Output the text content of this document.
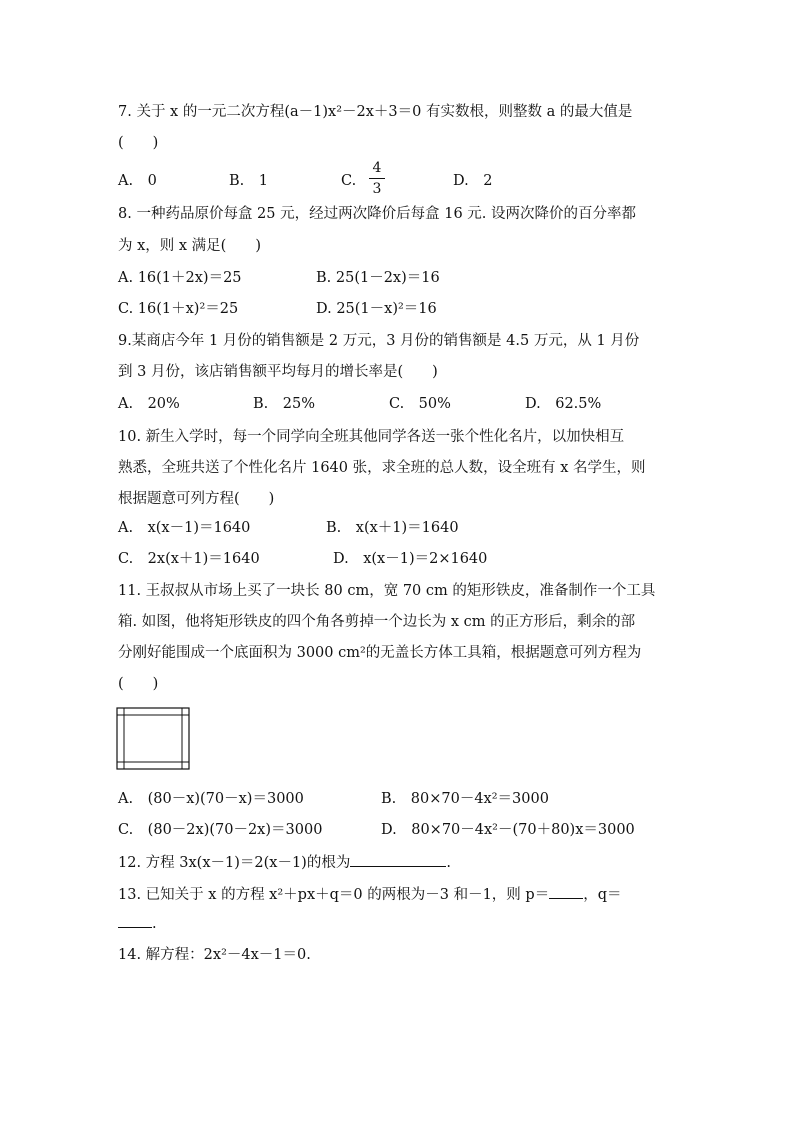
7. 关于 x 的一元二次方程(a－1)x²－2x＋3＝0 有实数根，则整数 a 的最大值是
(　　)
A.　0	B.　1	C.
4
3	D.　2
8. 一种药品原价每盒 25 元，经过两次降价后每盒 16 元. 设两次降价的百分率都
为 x，则 x 满足(　　)
A. 16(1＋2x)＝25	B. 25(1－2x)＝16
C. 16(1＋x)²＝25	D. 25(1－x)²＝16
9.某商店今年 1 月份的销售额是 2 万元，3 月份的销售额是 4.5 万元，从 1 月份
到 3 月份，该店销售额平均每月的增长率是(　　)
A.　20%	B.　25%	C.　50%	D.　62.5%
10. 新生入学时，每一个同学向全班其他同学各送一张个性化名片，以加快相互
熟悉，全班共送了个性化名片 1640 张，求全班的总人数，设全班有 x 名学生，则
根据题意可列方程(　　)
A.　x(x－1)＝1640	B.　x(x＋1)＝1640
C.　2x(x＋1)＝1640	D.　x(x－1)＝2×1640
11. 王叔叔从市场上买了一块长 80 cm，宽 70 cm 的矩形铁皮，准备制作一个工具
箱. 如图，他将矩形铁皮的四个角各剪掉一个边长为 x cm 的正方形后，剩余的部
分刚好能围成一个底面积为 3000 cm²的无盖长方体工具箱，根据题意可列方程为
(　　)
A.　(80－x)(70－x)＝3000	B.　80×70－4x²＝3000
C.　(80－2x)(70－2x)＝3000	D.　80×70－4x²－(70＋80)x＝3000
12. 方程 3x(x－1)＝2(x－1)的根为	.
13. 已知关于 x 的方程 x²＋px＋q＝0 的两根为－3 和－1，则 p＝ ，q＝
.
14. 解方程：2x²－4x－1＝0.
